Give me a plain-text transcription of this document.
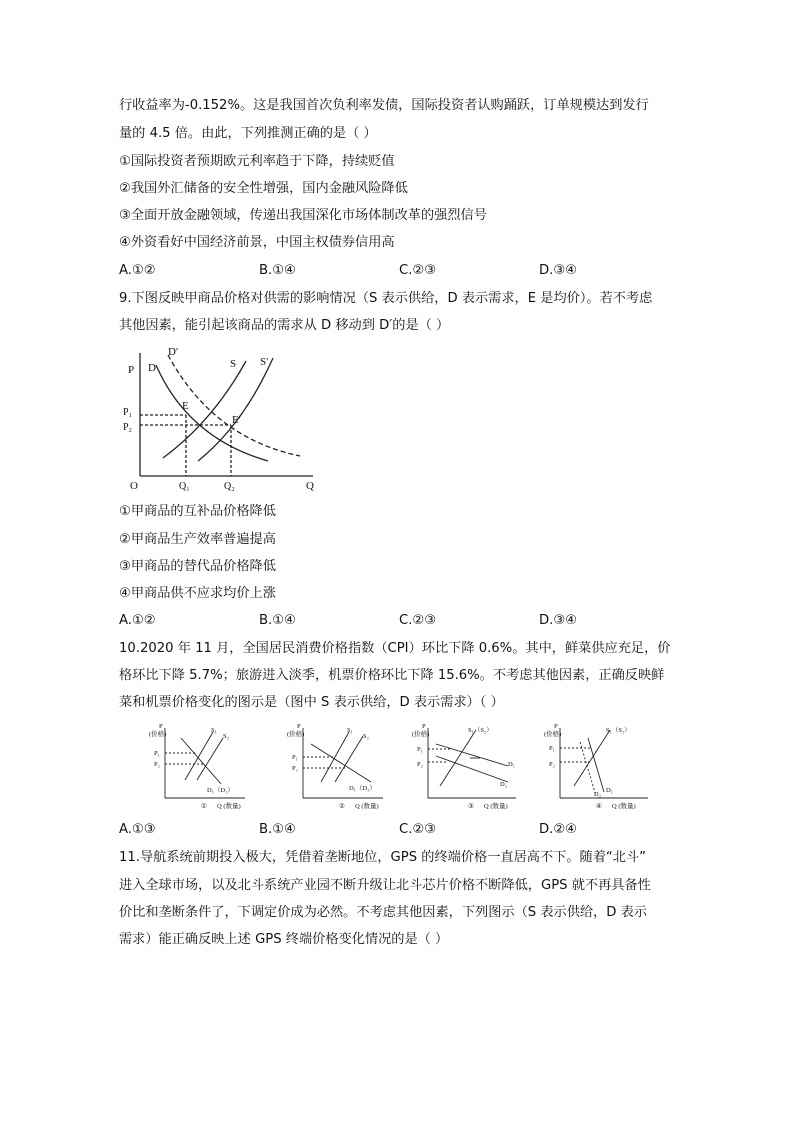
行收益率为-0.152%。这是我国首次负利率发债，国际投资者认购踊跃，订单规模达到发行
量的 4.5 倍。由此，下列推测正确的是（ ）
①国际投资者预期欧元利率趋于下降，持续贬值
②我国外汇储备的安全性增强，国内金融风险降低
③全面开放金融领域，传递出我国深化市场体制改革的强烈信号
④外资看好中国经济前景，中国主权债券信用高
A.①②	B.①④	C.②③	D.③④
9.下图反映甲商品价格对供需的影响情况（S 表示供给，D 表示需求，E 是均价）。若不考虑
其他因素，能引起该商品的需求从 D 移动到 D′的是（ ）
P D
D′
S S′
E
E′
P₁
P₂
O	Q₁	Q₂	Q
①甲商品的互补品价格降低
②甲商品生产效率普遍提高
③甲商品的替代品价格降低
④甲商品供不应求均价上涨
A.①②	B.①④	C.②③	D.③④
10.2020 年 11 月，全国居民消费价格指数（CPI）环比下降 0.6%。其中，鲜菜供应充足，价
格环比下降 5.7%；旅游进入淡季，机票价格环比下降 15.6%。不考虑其他因素，正确反映鲜
菜和机票价格变化的图示是（图中 S 表示供给，D 表示需求）（ ）
P
(价格)
P₁
P₂
S₁
S₂
D₁（D₂）
① Q (数量)
P
(价格)
P₁
P₂
S₁
S₂
D₁（D₂）
② Q (数量)
P
(价格)
P₁
P₂
S₁（S₂）
D₁
D₂
③ Q (数量)
P
(价格)
P₁
P₂
S₁（S₂）
D₁
D₂
④ Q (数量)
A.①③	B.①④	C.②③	D.②④
11.导航系统前期投入极大，凭借着垄断地位，GPS 的终端价格一直居高不下。随着“北斗”
进入全球市场，以及北斗系统产业园不断升级让北斗芯片价格不断降低，GPS 就不再具备性
价比和垄断条件了，下调定价成为必然。不考虑其他因素，下列图示（S 表示供给，D 表示
需求）能正确反映上述 GPS 终端价格变化情况的是（ ）
